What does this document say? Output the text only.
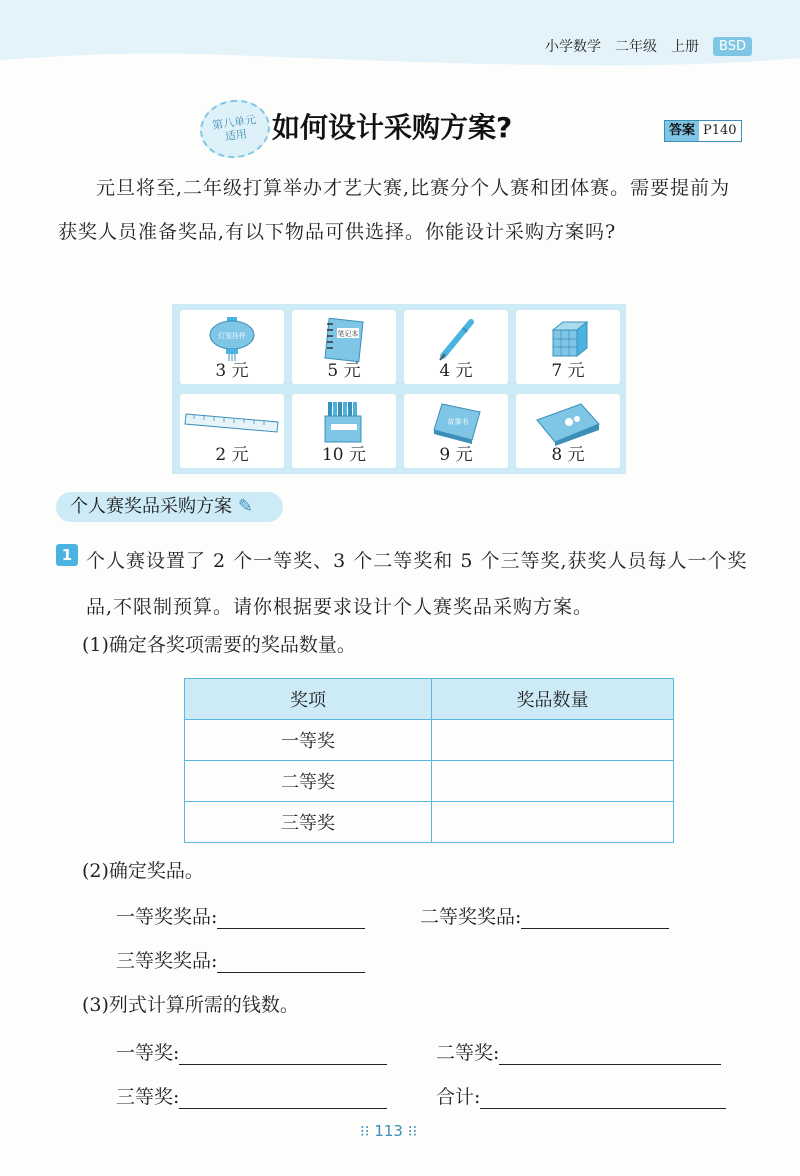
小学数学 二年级 上册	BSD
第八单元
适用 如何设计采购方案?	答案 P140
元旦将至,二年级打算举办才艺大赛,比赛分个人赛和团体赛。需要提前为获奖人员准备奖品,有以下物品可供选择。你能设计采购方案吗?
灯笼挂件
3 元
笔记本
5 元	4 元	7 元
2 元	10 元
故事书
9 元	8 元
个人赛奖品采购方案 ✎
1 个人赛设置了 2 个一等奖、3 个二等奖和 5 个三等奖,获奖人员每人一个奖品,不限制预算。请你根据要求设计个人赛奖品采购方案。
(1)确定各奖项需要的奖品数量。
奖项	奖品数量
一等奖	
二等奖	
三等奖	
(2)确定奖品。
一等奖奖品:	二等奖奖品:
三等奖奖品:
(3)列式计算所需的钱数。
一等奖:	二等奖:
三等奖:	合计:
⁝⁝ 113 ⁝⁝
